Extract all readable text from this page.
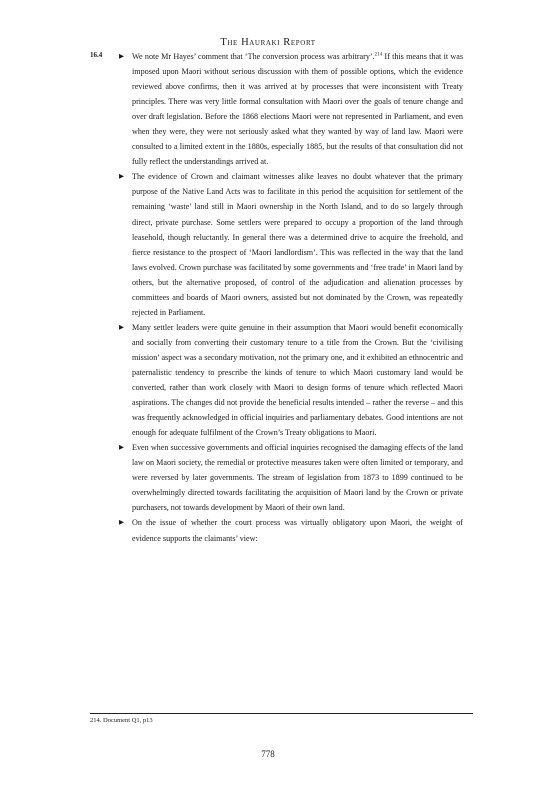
The Hauraki Report
16.4	▶ We note Mr Hayes’ comment that ‘The conversion process was arbitrary’.$^{214}$ If this means that it was imposed upon Maori without serious discussion with them of possible options, which the evidence reviewed above confirms, then it was arrived at by processes that were inconsistent with Treaty principles. There was very little formal consultation with Maori over the goals of tenure change and over draft legislation. Before the 1868 elections Maori were not represented in Parliament, and even when they were, they were not seriously asked what they wanted by way of land law. Maori were consulted to a limited extent in the 1880s, especially 1885, but the results of that consultation did not fully reflect the understandings arrived at.

▶ The evidence of Crown and claimant witnesses alike leaves no doubt whatever that the primary purpose of the Native Land Acts was to facilitate in this period the acquisition for settlement of the remaining ‘waste’ land still in Maori ownership in the North Island, and to do so largely through direct, private purchase. Some settlers were prepared to occupy a proportion of the land through leasehold, though reluctantly. In general there was a determined drive to acquire the freehold, and fierce resistance to the prospect of ‘Maori landlordism’. This was reflected in the way that the land laws evolved. Crown purchase was facilitated by some governments and ‘free trade’ in Maori land by others, but the alternative proposed, of control of the adjudication and alienation processes by committees and boards of Maori owners, assisted but not dominated by the Crown, was repeatedly rejected in Parliament.

▶ Many settler leaders were quite genuine in their assumption that Maori would benefit economically and socially from converting their customary tenure to a title from the Crown. But the ‘civilising mission’ aspect was a secondary motivation, not the primary one, and it exhibited an ethnocentric and paternalistic tendency to prescribe the kinds of tenure to which Maori customary land would be converted, rather than work closely with Maori to design forms of tenure which reflected Maori aspirations. The changes did not provide the beneficial results intended – rather the reverse – and this was frequently acknowledged in official inquiries and parliamentary debates. Good intentions are not enough for adequate fulfilment of the Crown’s Treaty obligations to Maori.

▶ Even when successive governments and official inquiries recognised the damaging effects of the land law on Maori society, the remedial or protective measures taken were often limited or temporary, and were reversed by later governments. The stream of legislation from 1873 to 1899 continued to be overwhelmingly directed towards facilitating the acquisition of Maori land by the Crown or private purchasers, not towards development by Maori of their own land.

▶ On the issue of whether the court process was virtually obligatory upon Maori, the weight of evidence supports the claimants’ view:

214. Document Q1, p13
778
